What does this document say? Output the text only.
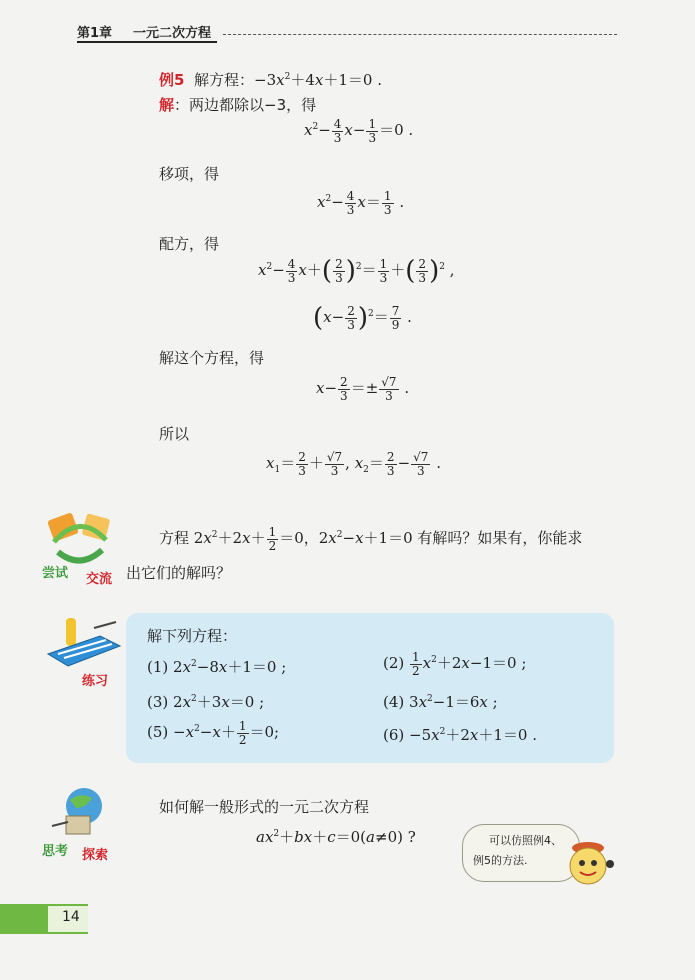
第1章 一元二次方程
例5 解方程：$-3x^2+4x+1=0$ .
解：两边都除以−3，得
$x^2- \frac{4}{3} x- \frac{1}{3} =0$ .
移项，得
$x^2- \frac{4}{3} x= \frac{1}{3}$ .
配方，得
$x^2- \frac{4}{3} x+( \frac{2}{3} )^2= \frac{1}{3}$ ＋( $\frac{2}{3} )^2$ ,
$(x- \frac{2}{3} )^2= \frac{7}{9}$ .
解这个方程，得
$x- \frac{2}{3} =\pm \frac{√7}{3}$ .
所以
$x_1= \frac{2}{3} + \frac{√7}{3}$ , $x_2= \frac{2}{3} - \frac{√7}{3}$ .
尝试 交流
方程 $2x^2+2x+ \frac{1}{2} =0$，$2x^2-x+1=0$ 有解吗？如果有，你能求
出它们的解吗？
练习
解下列方程：
(1) $2x^2-8x+1=0$ ;	$(2) \frac{1}{2} x^2+2x-1=0$ ;
(3) $2x^2+3x=0$ ;	(4) $3x^2-1=6x$ ;
$(5) -x^2-x+ \frac{1}{2} =0$;	$(6) -5x^2+2x+1=0$ .
思考 探索
如何解一般形式的一元二次方程
$ax^2+bx+c=0(a\ne 0)$ ?	可以仿照例4、
例5的方法.
14
